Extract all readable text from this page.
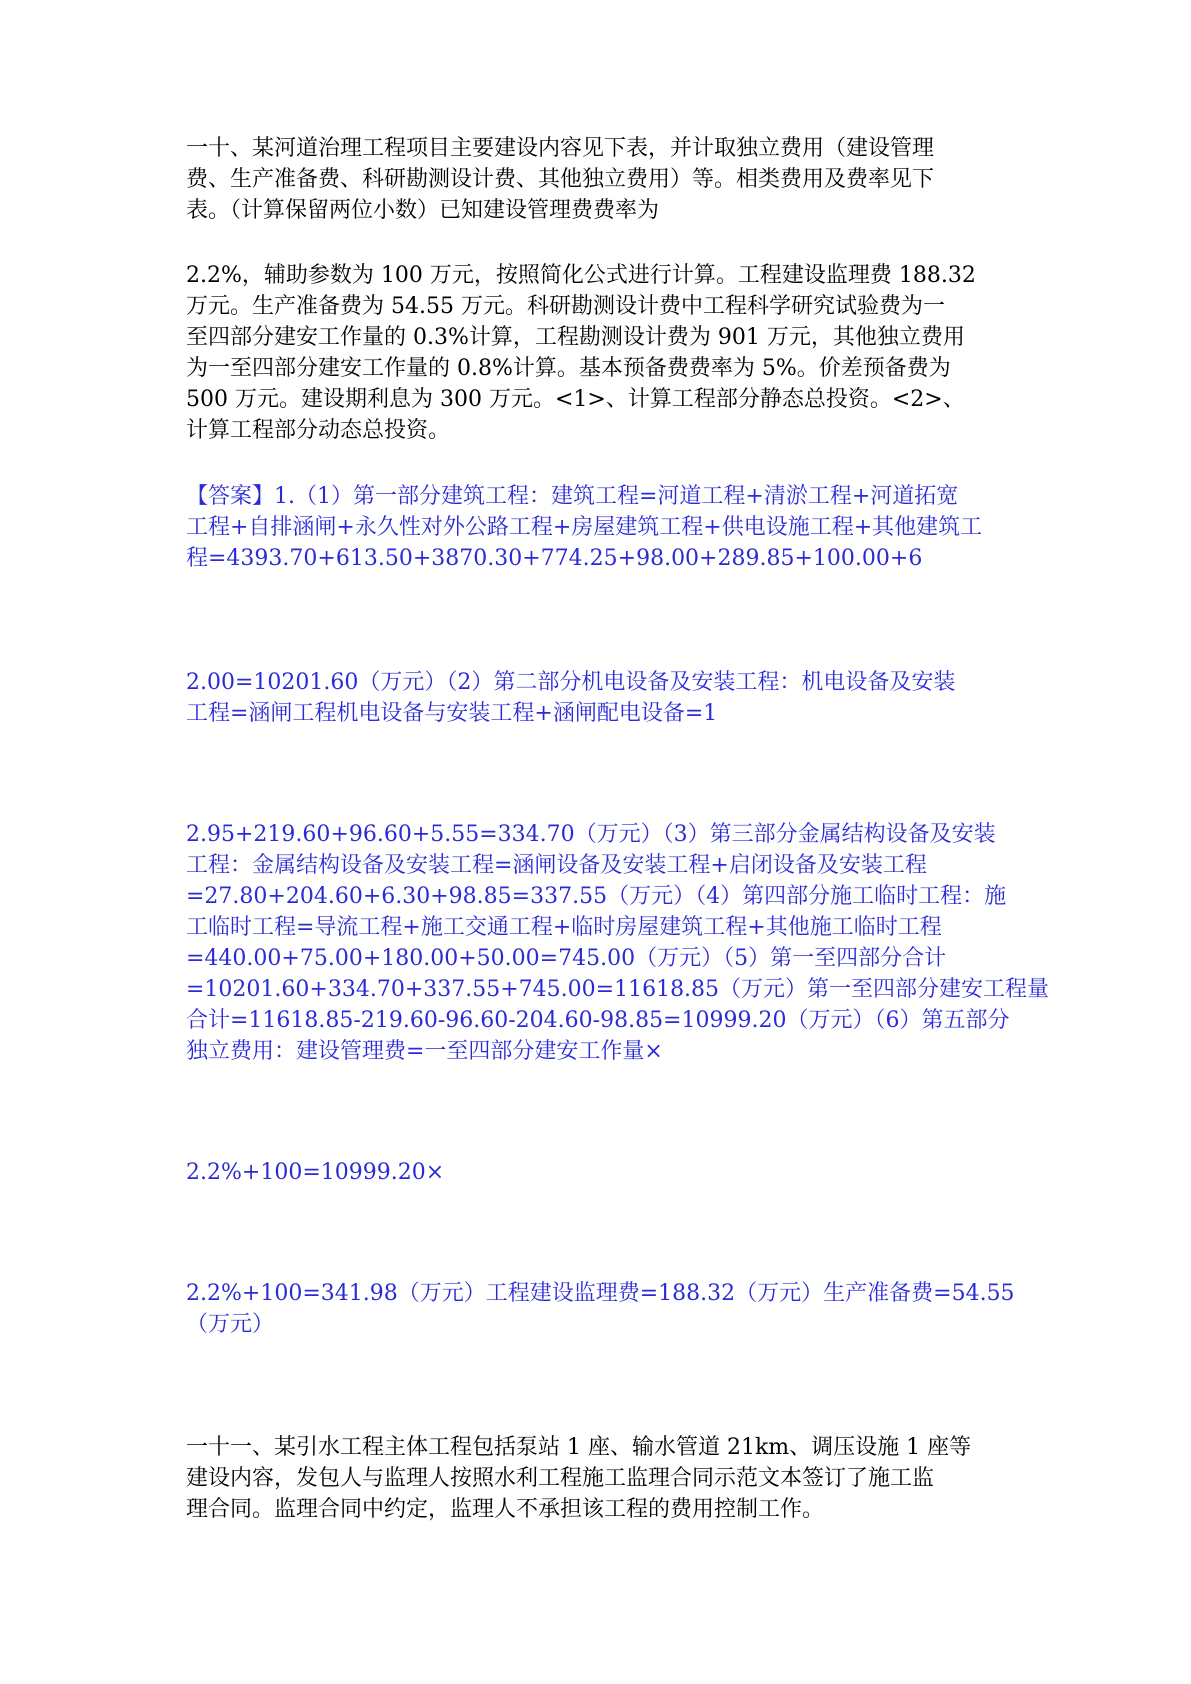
一十、某河道治理工程项目主要建设内容见下表，并计取独立费用（建设管理
费、生产准备费、科研勘测设计费、其他独立费用）等。相类费用及费率见下
表。（计算保留两位小数）已知建设管理费费率为
2.2%，辅助参数为 100 万元，按照简化公式进行计算。工程建设监理费 188.32
万元。生产准备费为 54.55 万元。科研勘测设计费中工程科学研究试验费为一
至四部分建安工作量的 0.3%计算，工程勘测设计费为 901 万元，其他独立费用
为一至四部分建安工作量的 0.8%计算。基本预备费费率为 5%。价差预备费为
500 万元。建设期利息为 300 万元。<1>、计算工程部分静态总投资。<2>、
计算工程部分动态总投资。
【答案】1.（1）第一部分建筑工程：建筑工程=河道工程+清淤工程+河道拓宽
工程+自排涵闸+永久性对外公路工程+房屋建筑工程+供电设施工程+其他建筑工
程=4393.70+613.50+3870.30+774.25+98.00+289.85+100.00+6
2.00=10201.60（万元）（2）第二部分机电设备及安装工程：机电设备及安装
工程=涵闸工程机电设备与安装工程+涵闸配电设备=1
2.95+219.60+96.60+5.55=334.70（万元）（3）第三部分金属结构设备及安装
工程：金属结构设备及安装工程=涵闸设备及安装工程+启闭设备及安装工程
=27.80+204.60+6.30+98.85=337.55（万元）（4）第四部分施工临时工程：施
工临时工程=导流工程+施工交通工程+临时房屋建筑工程+其他施工临时工程
=440.00+75.00+180.00+50.00=745.00（万元）（5）第一至四部分合计
=10201.60+334.70+337.55+745.00=11618.85（万元）第一至四部分建安工程量
合计=11618.85-219.60-96.60-204.60-98.85=10999.20（万元）（6）第五部分
独立费用：建设管理费=一至四部分建安工作量×
2.2%+100=10999.20×
2.2%+100=341.98（万元）工程建设监理费=188.32（万元）生产准备费=54.55
（万元）
一十一、某引水工程主体工程包括泵站 1 座、输水管道 21km、调压设施 1 座等
建设内容，发包人与监理人按照水利工程施工监理合同示范文本签订了施工监
理合同。监理合同中约定，监理人不承担该工程的费用控制工作。
